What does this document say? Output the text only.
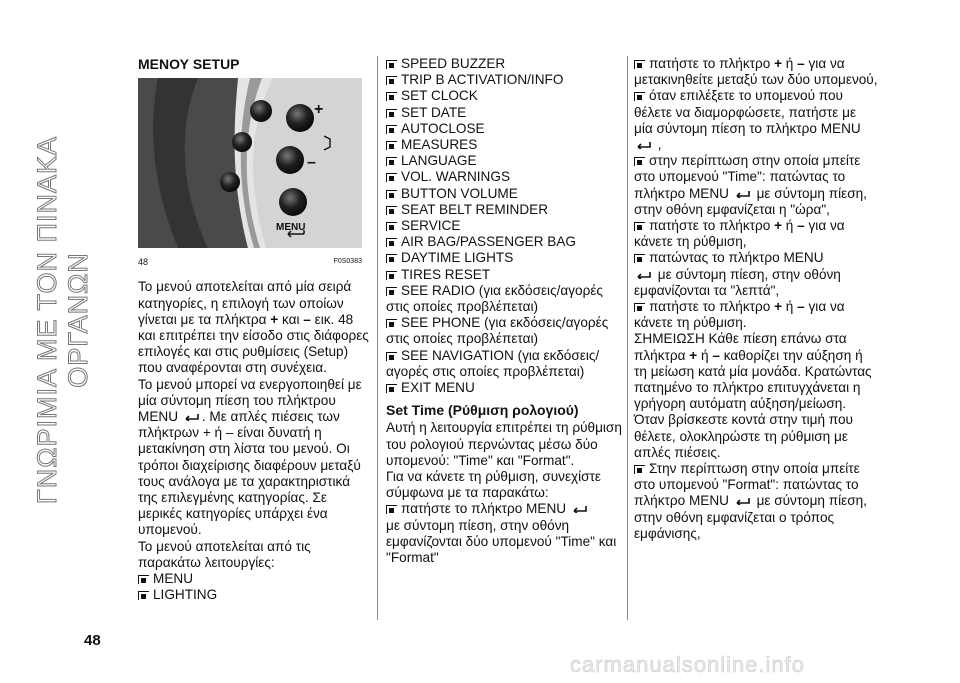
ΓΝΩΡΙΜΙΑ ΜΕ ΤΟΝ ΠΙΝΑΚΑ ΟΡΓΑΝΩΝ
48
ΜΕΝΟΥ SETUP
+
–
MENU
48	F0S0383

Το μενού αποτελείται από μία σειρά κατηγορίες, η επιλογή των οποίων γίνεται με τα πλήκτρα + και – εικ. 48 και επιτρέπει την είσοδο στις διάφορες επιλογές και στις ρυθμίσεις (Setup) που αναφέρονται στη συνέχεια.

Το μενού μπορεί να ενεργοποιηθεί με μία σύντομη πίεση του πλήκτρου MENU . Με απλές πιέσεις των πλήκτρων + ή – είναι δυνατή η μετακίνηση στη λίστα του μενού. Οι τρόποι διαχείρισης διαφέρουν μεταξύ τους ανάλογα με τα χαρακτηριστικά της επιλεγμένης κατηγορίας. Σε μερικές κατηγορίες υπάρχει ένα υπομενού.

Το μενού αποτελείται από τις παρακάτω λειτουργίες:

MENU
LIGHTING
SPEED BUZZER
TRIP B ACTIVATION/INFO
SET CLOCK
SET DATE
AUTOCLOSE
MEASURES
LANGUAGE
VOL. WARNINGS
BUTTON VOLUME
SEAT BELT REMINDER
SERVICE
AIR BAG/PASSENGER BAG
DAYTIME LIGHTS
TIRES RESET
SEE RADIO (για εκδόσεις/αγορές στις οποίες προβλέπεται)
SEE PHONE (για εκδόσεις/αγορές στις οποίες προβλέπεται)
SEE NAVIGATION (για εκδόσεις/αγορές στις οποίες προβλέπεται)
EXIT MENU
Set Time (Ρύθμιση ρολογιού)

Αυτή η λειτουργία επιτρέπει τη ρύθμιση του ρολογιού περνώντας μέσω δύο υπομενού: "Time" και "Format".

Για να κάνετε τη ρύθμιση, συνεχίστε σύμφωνα με τα παρακάτω:

πατήστε το πλήκτρο MENU
με σύντομη πίεση, στην οθόνη εμφανίζονται δύο υπομενού "Time" και "Format"
πατήστε το πλήκτρο + ή – για να μετακινηθείτε μεταξύ των δύο υπομενού,
όταν επιλέξετε το υπομενού που θέλετε να διαμορφώσετε, πατήστε με μία σύντομη πίεση το πλήκτρο MENU
,
στην περίπτωση στην οποία μπείτε στο υπομενού "Time": πατώντας το πλήκτρο MENU με σύντομη πίεση, στην οθόνη εμφανίζεται η "ώρα",
πατήστε το πλήκτρο + ή – για να κάνετε τη ρύθμιση,
πατώντας το πλήκτρο MENU
με σύντομη πίεση, στην οθόνη εμφανίζονται τα "λεπτά",
πατήστε το πλήκτρο + ή – για να κάνετε τη ρύθμιση.

ΣΗΜΕΙΩΣΗ Κάθε πίεση επάνω στα πλήκτρα + ή – καθορίζει την αύξηση ή τη μείωση κατά μία μονάδα. Κρατώντας πατημένο το πλήκτρο επιτυγχάνεται η γρήγορη αυτόματη αύξηση/μείωση. Όταν βρίσκεστε κοντά στην τιμή που θέλετε, ολοκληρώστε τη ρύθμιση με απλές πιέσεις.

Στην περίπτωση στην οποία μπείτε στο υπομενού "Format": πατώντας το πλήκτρο MENU με σύντομη πίεση, στην οθόνη εμφανίζεται ο τρόπος εμφάνισης,
carmanualsonline.info
